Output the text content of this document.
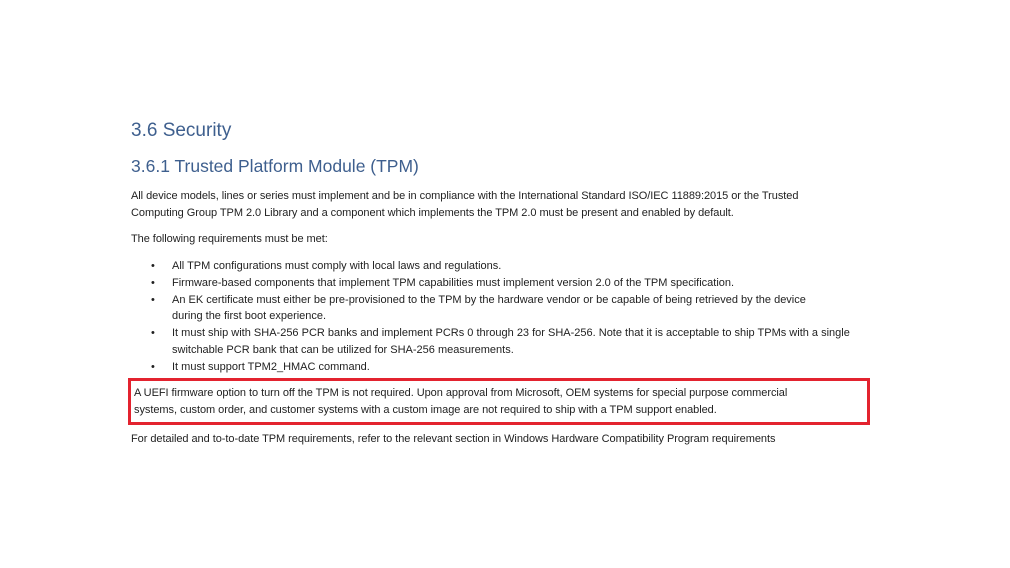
3.6 Security
3.6.1 Trusted Platform Module (TPM)

All device models, lines or series must implement and be in compliance with the International Standard ISO/IEC 11889:2015 or the Trusted
Computing Group TPM 2.0 Library and a component which implements the TPM 2.0 must be present and enabled by default.

The following requirements must be met:

• All TPM configurations must comply with local laws and regulations.
• Firmware-based components that implement TPM capabilities must implement version 2.0 of the TPM specification.
• An EK certificate must either be pre-provisioned to the TPM by the hardware vendor or be capable of being retrieved by the device
during the first boot experience.
• It must ship with SHA-256 PCR banks and implement PCRs 0 through 23 for SHA-256. Note that it is acceptable to ship TPMs with a single
switchable PCR bank that can be utilized for SHA-256 measurements.
• It must support TPM2_HMAC command.

A UEFI firmware option to turn off the TPM is not required. Upon approval from Microsoft, OEM systems for special purpose commercial
systems, custom order, and customer systems with a custom image are not required to ship with a TPM support enabled.

For detailed and to-to-date TPM requirements, refer to the relevant section in Windows Hardware Compatibility Program requirements
